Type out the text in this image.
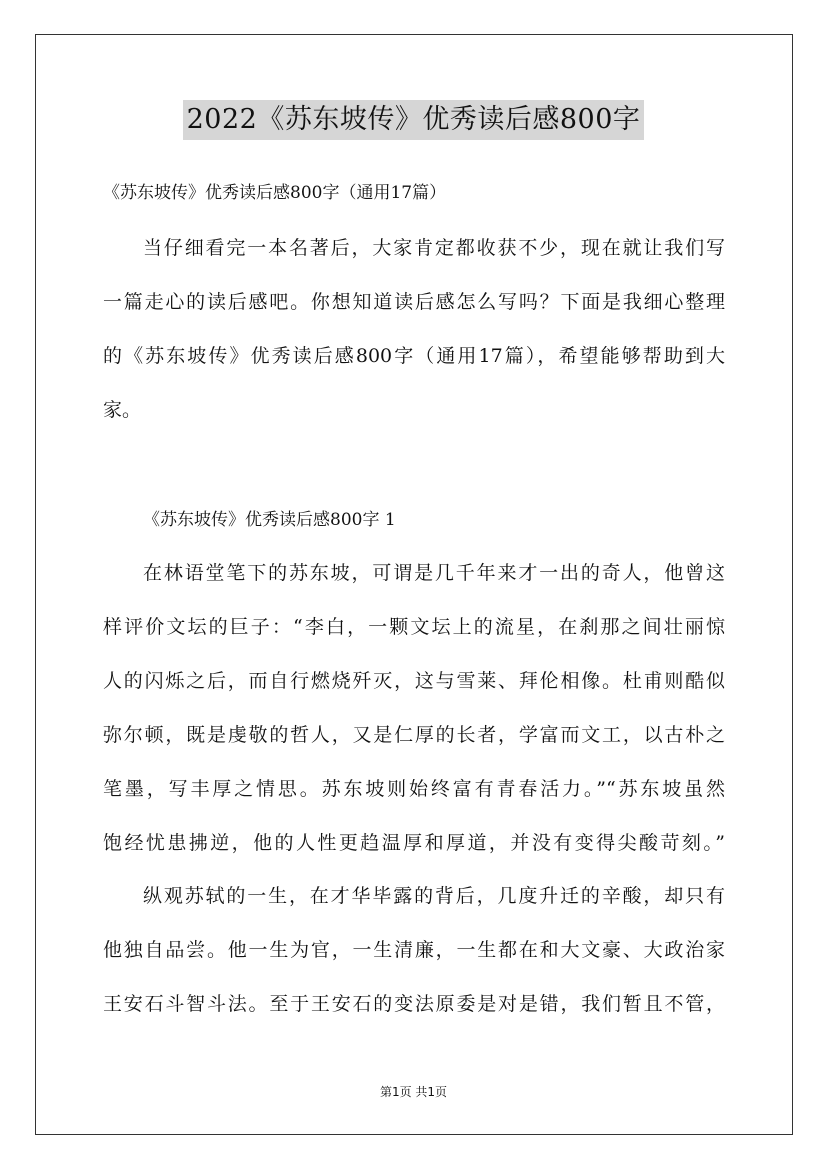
2022《苏东坡传》优秀读后感800字
《苏东坡传》优秀读后感800字（通用17篇）
当仔细看完一本名著后，大家肯定都收获不少，现在就让我们写
一篇走心的读后感吧。你想知道读后感怎么写吗？下面是我细心整理
的《苏东坡传》优秀读后感800字（通用17篇），希望能够帮助到大
家。
《苏东坡传》优秀读后感800字 1
在林语堂笔下的苏东坡，可谓是几千年来才一出的奇人，他曾这
样评价文坛的巨子：“李白，一颗文坛上的流星，在刹那之间壮丽惊
人的闪烁之后，而自行燃烧歼灭，这与雪莱、拜伦相像。杜甫则酷似
弥尔顿，既是虔敬的哲人，又是仁厚的长者，学富而文工，以古朴之
笔墨，写丰厚之情思。苏东坡则始终富有青春活力。”“苏东坡虽然
饱经忧患拂逆，他的人性更趋温厚和厚道，并没有变得尖酸苛刻。”
纵观苏轼的一生，在才华毕露的背后，几度升迁的辛酸，却只有
他独自品尝。他一生为官，一生清廉，一生都在和大文豪、大政治家
王安石斗智斗法。至于王安石的变法原委是对是错，我们暂且不管，
第1页 共1页
